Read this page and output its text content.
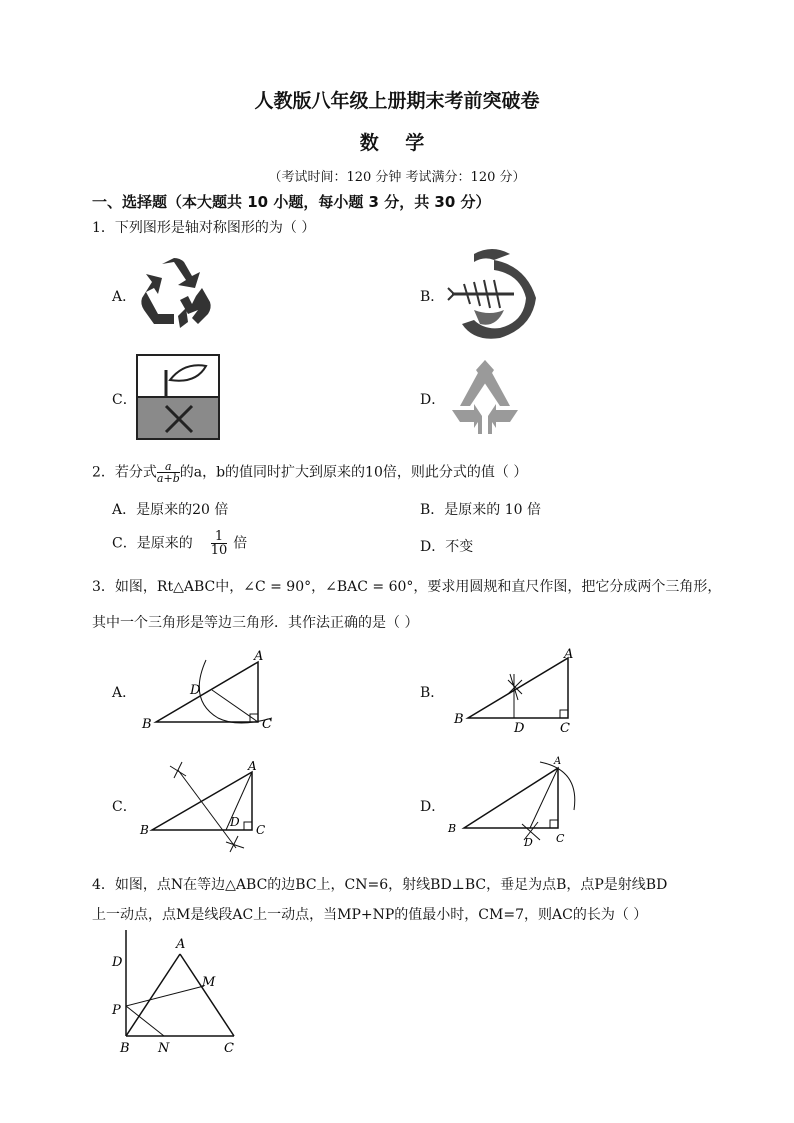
人教版八年级上册期末考前突破卷
数 学
（考试时间：120 分钟 考试满分：120 分）
一、选择题（本大题共 10 小题，每小题 3 分，共 30 分）
1．下列图形是轴对称图形的为（ ）
A．	B．
C．	D．
2．若分式 $\frac{a}{a+b}$ 的a，b的值同时扩大到原来的10倍，则此分式的值（ ）
A．是原来的20 倍	B．是原来的 10 倍
C．是原来的 $\frac{1}{10}$ 倍	D．不变
3．如图，Rt△ABC中，∠C = 90°，∠BAC = 60°，要求用圆规和直尺作图，把它分成两个三角形，
其中一个三角形是等边三角形．其作法正确的是（ ）
A．
A
B	C
D	B．
A
B
C
D
C．
A
B	C
D
D．
A
B
C
D
4．如图，点N在等边△ABC的边BC上，CN=6，射线BD⊥BC，垂足为点B，点P是射线BD
上一动点，点M是线段AC上一动点，当MP+NP的值最小时，CM=7，则AC的长为（ ）
D
A
M
P
B N	C
